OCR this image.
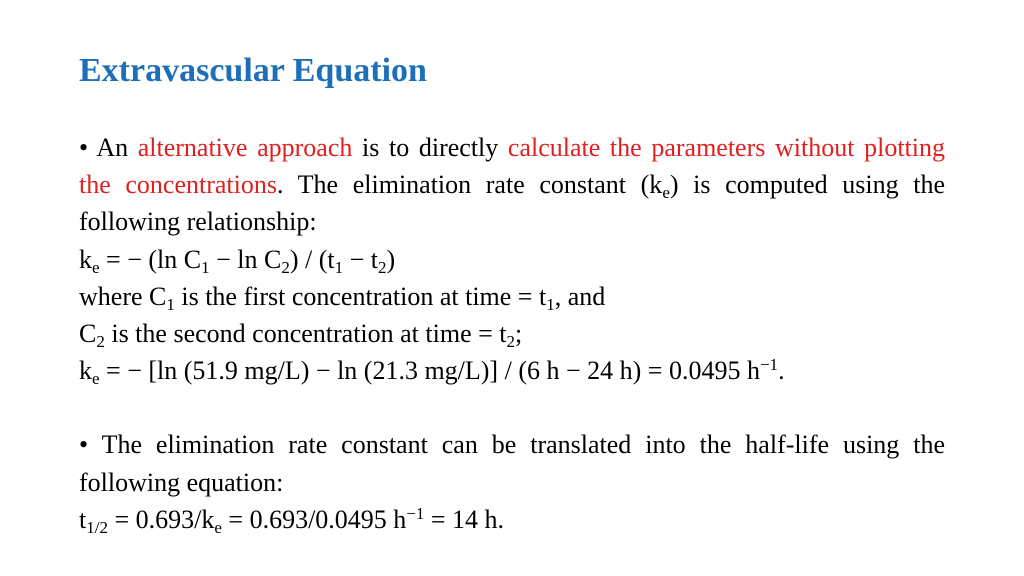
Extravascular Equation

• An alternative approach is to directly calculate the parameters without plotting the concentrations. The elimination rate constant $(k_e)$ is computed using the following relationship:

$k_e$ = − (ln $C_1 - \ln C_2) / (t_1 - t_2)$

where $C_1$ is the first concentration at time = $t_1$, and

$C_2$ is the second concentration at time = $t_2$;

$k_e$ = − [ln (51.9 mg/L) − ln (21.3 mg/L)] / (6 h − 24 h) = 0.0495 $h^{-1}$.

• The elimination rate constant can be translated into the half-life using the following equation:

$t_{1/2} = 0.693/k_e = 0.693/0.0495$ $h^{-1} = 14$ h.
